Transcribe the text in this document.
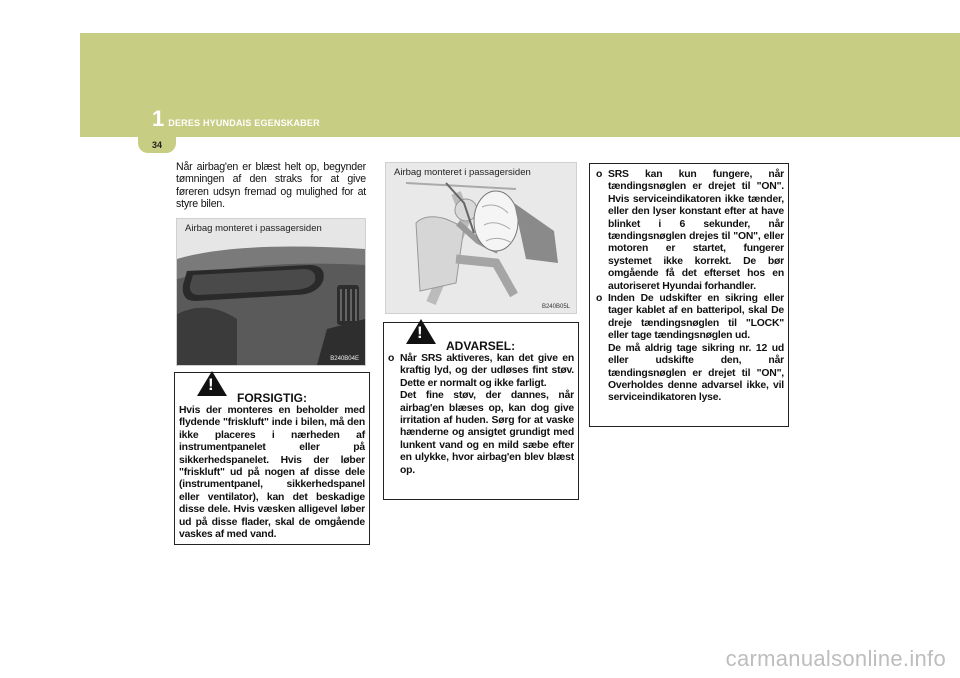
1 DERES HYUNDAIS EGENSKABER
34
Når airbag'en er blæst helt op, begynder tømningen af den straks for at give føreren udsyn fremad og mulighed for at styre bilen.
Airbag monteret i passagersiden
B240B04E
!
FORSIGTIG:
Hvis der monteres en beholder med flydende "friskluft" inde i bilen, må den ikke placeres i nærheden af instrumentpanelet eller på sikkerhedspanelet. Hvis der løber "friskluft" ud på nogen af disse dele (instrumentpanel, sikkerhedspanel eller ventilator), kan det beskadige disse dele. Hvis væsken alligevel løber ud på disse flader, skal de omgående vaskes af med vand.
Airbag monteret i passagersiden
B240B05L
!
ADVARSEL:
o Når SRS aktiveres, kan det give en kraftig lyd, og der udløses fint støv. Dette er normalt og ikke farligt.
Det fine støv, der dannes, når airbag'en blæses op, kan dog give irritation af huden. Sørg for at vaske hænderne og ansigtet grundigt med lunkent vand og en mild sæbe efter en ulykke, hvor airbag'en blev blæst op.
o SRS kan kun fungere, når tændingsnøglen er drejet til "ON". Hvis serviceindikatoren ikke tænder, eller den lyser konstant efter at have blinket i 6 sekunder, når tændingsnøglen drejes til "ON", eller motoren er startet, fungerer systemet ikke korrekt. De bør omgående få det efterset hos en autoriseret Hyundai forhandler.
o Inden De udskifter en sikring eller tager kablet af en batteripol, skal De dreje tændingsnøglen til "LOCK" eller tage tændingsnøglen ud.
De må aldrig tage sikring nr. 12 ud eller udskifte den, når tændingsnøglen er drejet til "ON", Overholdes denne advarsel ikke, vil serviceindikatoren lyse.
carmanualsonline.info
